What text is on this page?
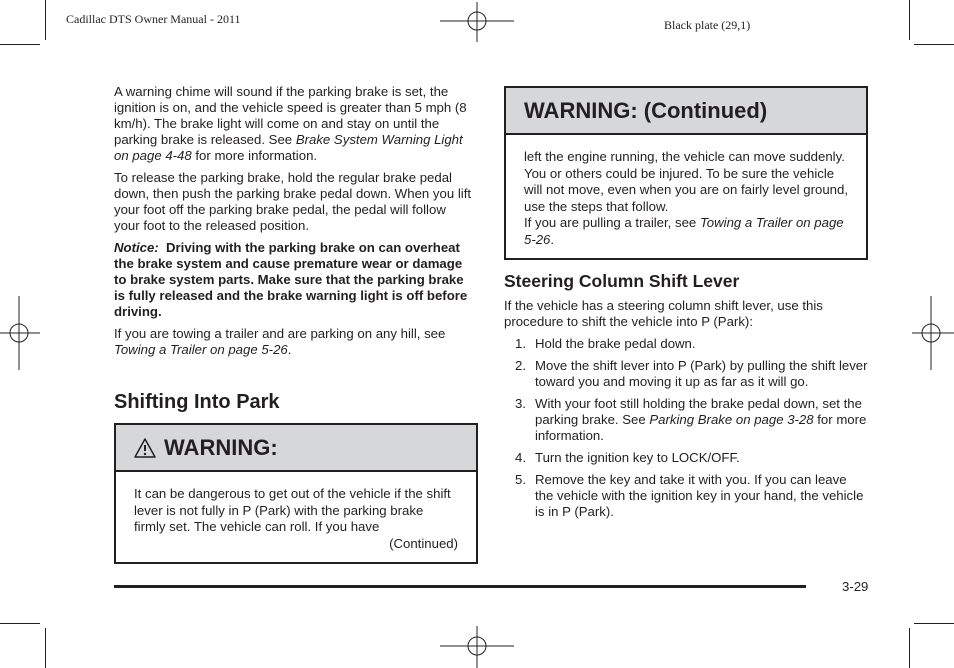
Cadillac DTS Owner Manual - 2011	Black plate (29,1)

A warning chime will sound if the parking brake is set, the ignition is on, and the vehicle speed is greater than 5 mph (8 km/h). The brake light will come on and stay on until the parking brake is released. See Brake System Warning Light on page 4-48 for more information.

To release the parking brake, hold the regular brake pedal down, then push the parking brake pedal down. When you lift your foot off the parking brake pedal, the pedal will follow your foot to the released position.

Notice: Driving with the parking brake on can overheat the brake system and cause premature wear or damage to brake system parts. Make sure that the parking brake is fully released and the brake warning light is off before driving.

If you are towing a trailer and are parking on any hill, see Towing a Trailer on page 5-26.

Shifting Into Park
WARNING:
It can be dangerous to get out of the vehicle if the shift lever is not fully in P (Park) with the parking brake firmly set. The vehicle can roll. If you have
(Continued)
WARNING: (Continued)
left the engine running, the vehicle can move suddenly. You or others could be injured. To be sure the vehicle will not move, even when you are on fairly level ground, use the steps that follow.
If you are pulling a trailer, see Towing a Trailer on page 5-26.
Steering Column Shift Lever

If the vehicle has a steering column shift lever, use this procedure to shift the vehicle into P (Park):

1. Hold the brake pedal down.
2. Move the shift lever into P (Park) by pulling the shift lever toward you and moving it up as far as it will go.
3. With your foot still holding the brake pedal down, set the parking brake. See Parking Brake on page 3-28 for more information.
4. Turn the ignition key to LOCK/OFF.
5. Remove the key and take it with you. If you can leave the vehicle with the ignition key in your hand, the vehicle is in P (Park).
3-29
